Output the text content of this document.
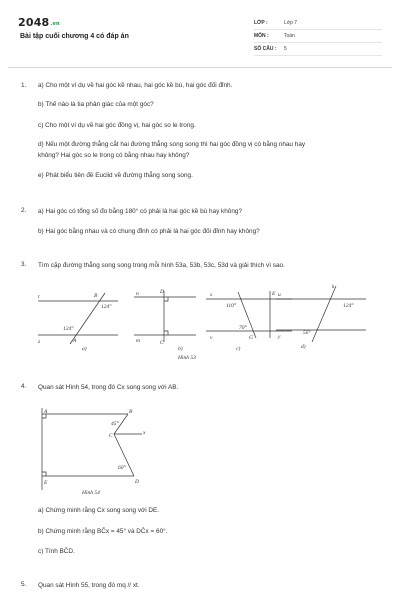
2048.vn
Bài tập cuối chương 4 có đáp án
LỚP :	Lớp 7
MÔN :	Toán
SỐ CÂU : 5
1. a) Cho một ví dụ về hai góc kề nhau, hai góc kề bù, hai góc đối đỉnh.
b) Thế nào là tia phân giác của một góc?
c) Cho một ví dụ về hai góc đồng vị, hai góc so le trong.
d) Nếu một đường thẳng cắt hai đường thẳng song song thì hai góc đồng vị có bằng nhau hay
không? Hai góc so le trong có bằng nhau hay không?
e) Phát biểu tiên đề Euclid về đường thẳng song song.
2. a) Hai góc có tổng số đo bằng 180° có phải là hai góc kề bù hay không?
b) Hai góc bằng nhau và có chung đỉnh có phải là hai góc đối đỉnh hay không?
3. Tìm cặp đường thẳng song song trong mỗi hình 53a, 53b, 53c, 53d và giải thích vì sao.
t
z
B
124°
124°
A
a)
n
m
D
C
b)
s
v
E
110°
70°
G
c)
u
y
k
124°
56°
d)
Hình 53
4. Quan sát Hình 54, trong đó Cx song song với AB.
A	B
C	x
45°
60°
E	D
Hình 54
a) Chứng minh rằng Cx song song với DE.
b) Chứng minh rằng BĈx = 45° và DĈx = 60°.
c) Tính BĈD.
5. Quan sát Hình 55, trong đó mq // xt.
